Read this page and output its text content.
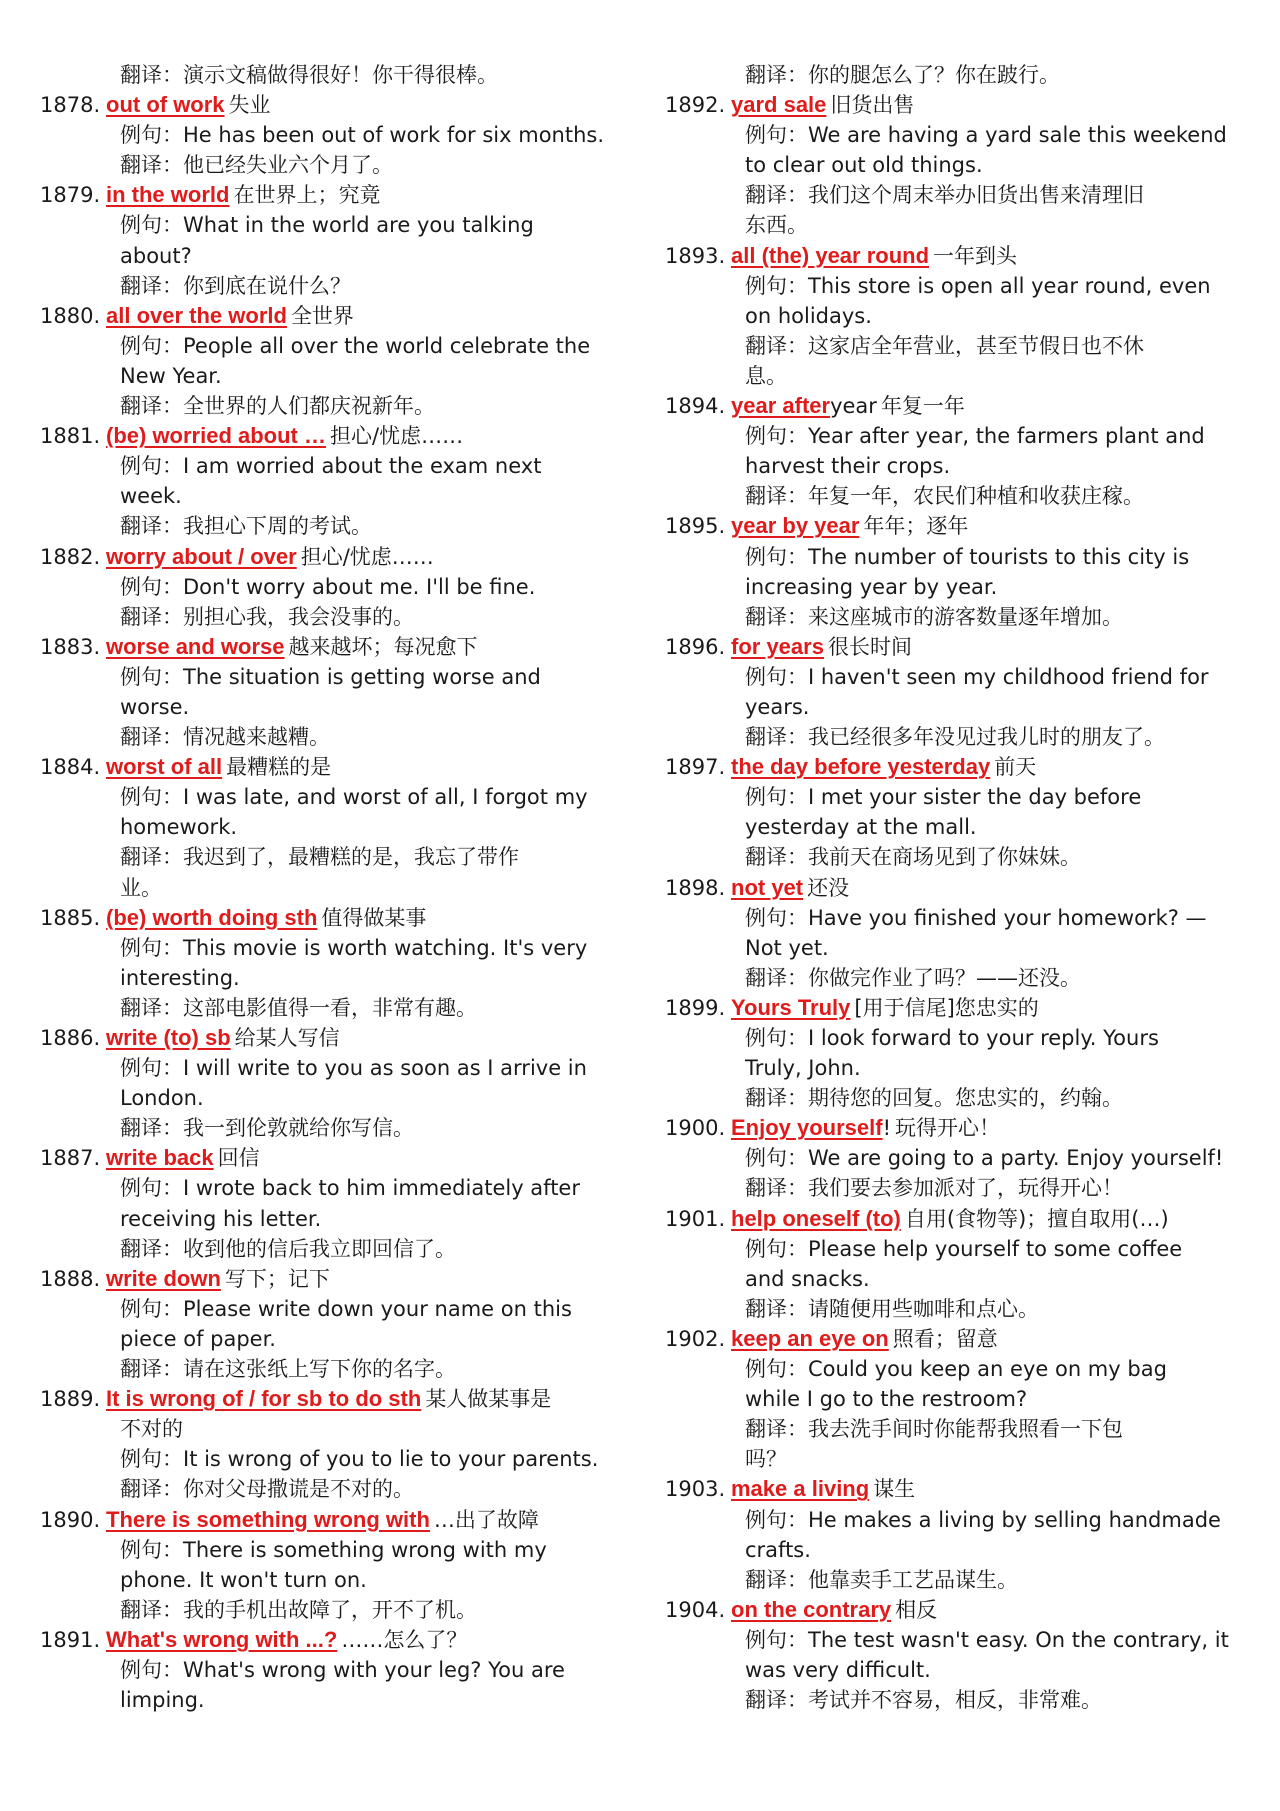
翻译：演示文稿做得很好！你干得很棒。
1878. out of work 失业
例句：He has been out of work for six months.
翻译：他已经失业六个月了。
1879. in the world 在世界上；究竟
例句：What in the world are you talking
about?
翻译：你到底在说什么？
1880. all over the world 全世界
例句：People all over the world celebrate the
New Year.
翻译：全世界的人们都庆祝新年。
1881. (be) worried about … 担心/忧虑……
例句：I am worried about the exam next
week.
翻译：我担心下周的考试。
1882. worry about / over 担心/忧虑……
例句：Don't worry about me. I'll be fine.
翻译：别担心我，我会没事的。
1883. worse and worse 越来越坏；每况愈下
例句：The situation is getting worse and
worse.
翻译：情况越来越糟。
1884. worst of all 最糟糕的是
例句：I was late, and worst of all, I forgot my
homework.
翻译：我迟到了，最糟糕的是，我忘了带作
业。
1885. (be) worth doing sth 值得做某事
例句：This movie is worth watching. It's very
interesting.
翻译：这部电影值得一看，非常有趣。
1886. write (to) sb 给某人写信
例句：I will write to you as soon as I arrive in
London.
翻译：我一到伦敦就给你写信。
1887. write back 回信
例句：I wrote back to him immediately after
receiving his letter.
翻译：收到他的信后我立即回信了。
1888. write down 写下；记下
例句：Please write down your name on this
piece of paper.
翻译：请在这张纸上写下你的名字。
1889. It is wrong of / for sb to do sth 某人做某事是
不对的
例句：It is wrong of you to lie to your parents.
翻译：你对父母撒谎是不对的。
1890. There is something wrong with …出了故障
例句：There is something wrong with my
phone. It won't turn on.
翻译：我的手机出故障了，开不了机。
1891. What's wrong with ...? ……怎么了？
例句：What's wrong with your leg? You are
limping.
翻译：你的腿怎么了？你在跛行。
1892. yard sale 旧货出售
例句：We are having a yard sale this weekend
to clear out old things.
翻译：我们这个周末举办旧货出售来清理旧
东西。
1893. all (the) year round 一年到头
例句：This store is open all year round, even
on holidays.
翻译：这家店全年营业，甚至节假日也不休
息。
1894. year afteryear 年复一年
例句：Year after year, the farmers plant and
harvest their crops.
翻译：年复一年，农民们种植和收获庄稼。
1895. year by year 年年；逐年
例句：The number of tourists to this city is
increasing year by year.
翻译：来这座城市的游客数量逐年增加。
1896. for years 很长时间
例句：I haven't seen my childhood friend for
years.
翻译：我已经很多年没见过我儿时的朋友了。
1897. the day before yesterday 前天
例句：I met your sister the day before
yesterday at the mall.
翻译：我前天在商场见到了你妹妹。
1898. not yet 还没
例句：Have you finished your homework? —
Not yet.
翻译：你做完作业了吗？——还没。
1899. Yours Truly [用于信尾]您忠实的
例句：I look forward to your reply. Yours
Truly, John.
翻译：期待您的回复。您忠实的，约翰。
1900. Enjoy yourself! 玩得开心！
例句：We are going to a party. Enjoy yourself!
翻译：我们要去参加派对了，玩得开心！
1901. help oneself (to) 自用(食物等)；擅自取用(…)
例句：Please help yourself to some coffee
and snacks.
翻译：请随便用些咖啡和点心。
1902. keep an eye on 照看；留意
例句：Could you keep an eye on my bag
while I go to the restroom?
翻译：我去洗手间时你能帮我照看一下包
吗？
1903. make a living 谋生
例句：He makes a living by selling handmade
crafts.
翻译：他靠卖手工艺品谋生。
1904. on the contrary 相反
例句：The test wasn't easy. On the contrary, it
was very difficult.
翻译：考试并不容易，相反，非常难。
